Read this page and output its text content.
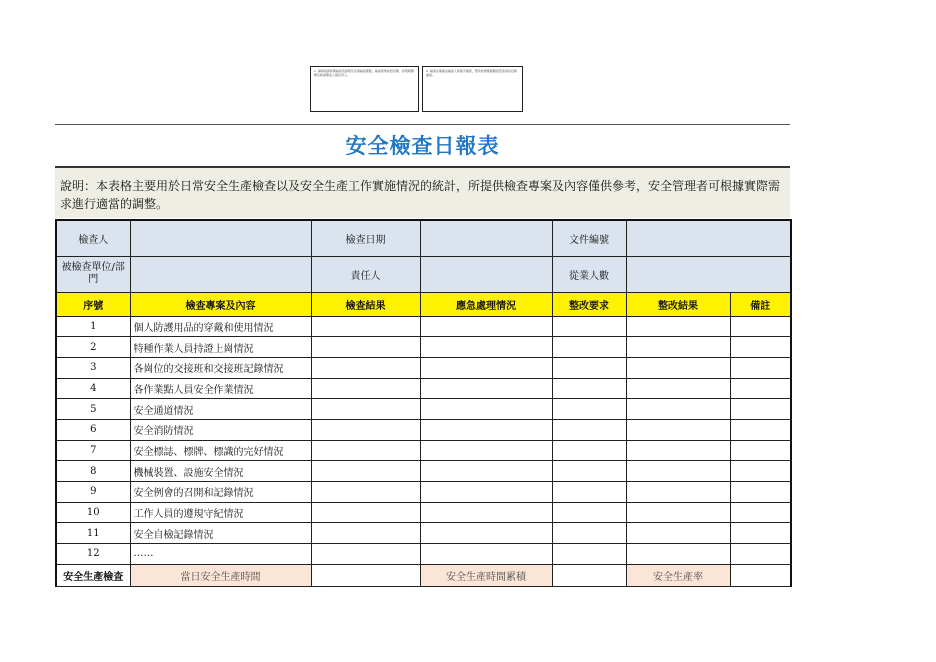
1. 填寫前請詳閱檢查表說明及各項檢查要點，檢查結果如實記錄，發現問題應及時處理並上報負責人。
2. 檢查完畢後由檢查人員簽字確認，整改結果應跟蹤落實並留存記錄備查。
安全檢查日報表
說明：本表格主要用於日常安全生產檢查以及安全生產工作實施情況的統計，所提供檢查專案及內容僅供參考，安全管理者可根據實際需求進行適當的調整。
檢查人		檢查日期		文件編號		
被檢查單位/部門		責任人		從業人數		
序號	檢查專案及內容	檢查結果	應急處理情況	整改要求	整改結果	備註
1	個人防護用品的穿戴和使用情況					
2	特種作業人員持證上崗情況					
3	各崗位的交接班和交接班記錄情況					
4	各作業點人員安全作業情況					
5	安全通道情況					
6	安全消防情況					
7	安全標誌、標牌、標識的完好情況					
8	機械裝置、設施安全情況					
9	安全例會的召開和記錄情況					
10	工作人員的遵規守紀情況					
11	安全自檢記錄情況					
12	……					
安全生產檢查	當日安全生產時間		安全生產時間累積		安全生產率	
